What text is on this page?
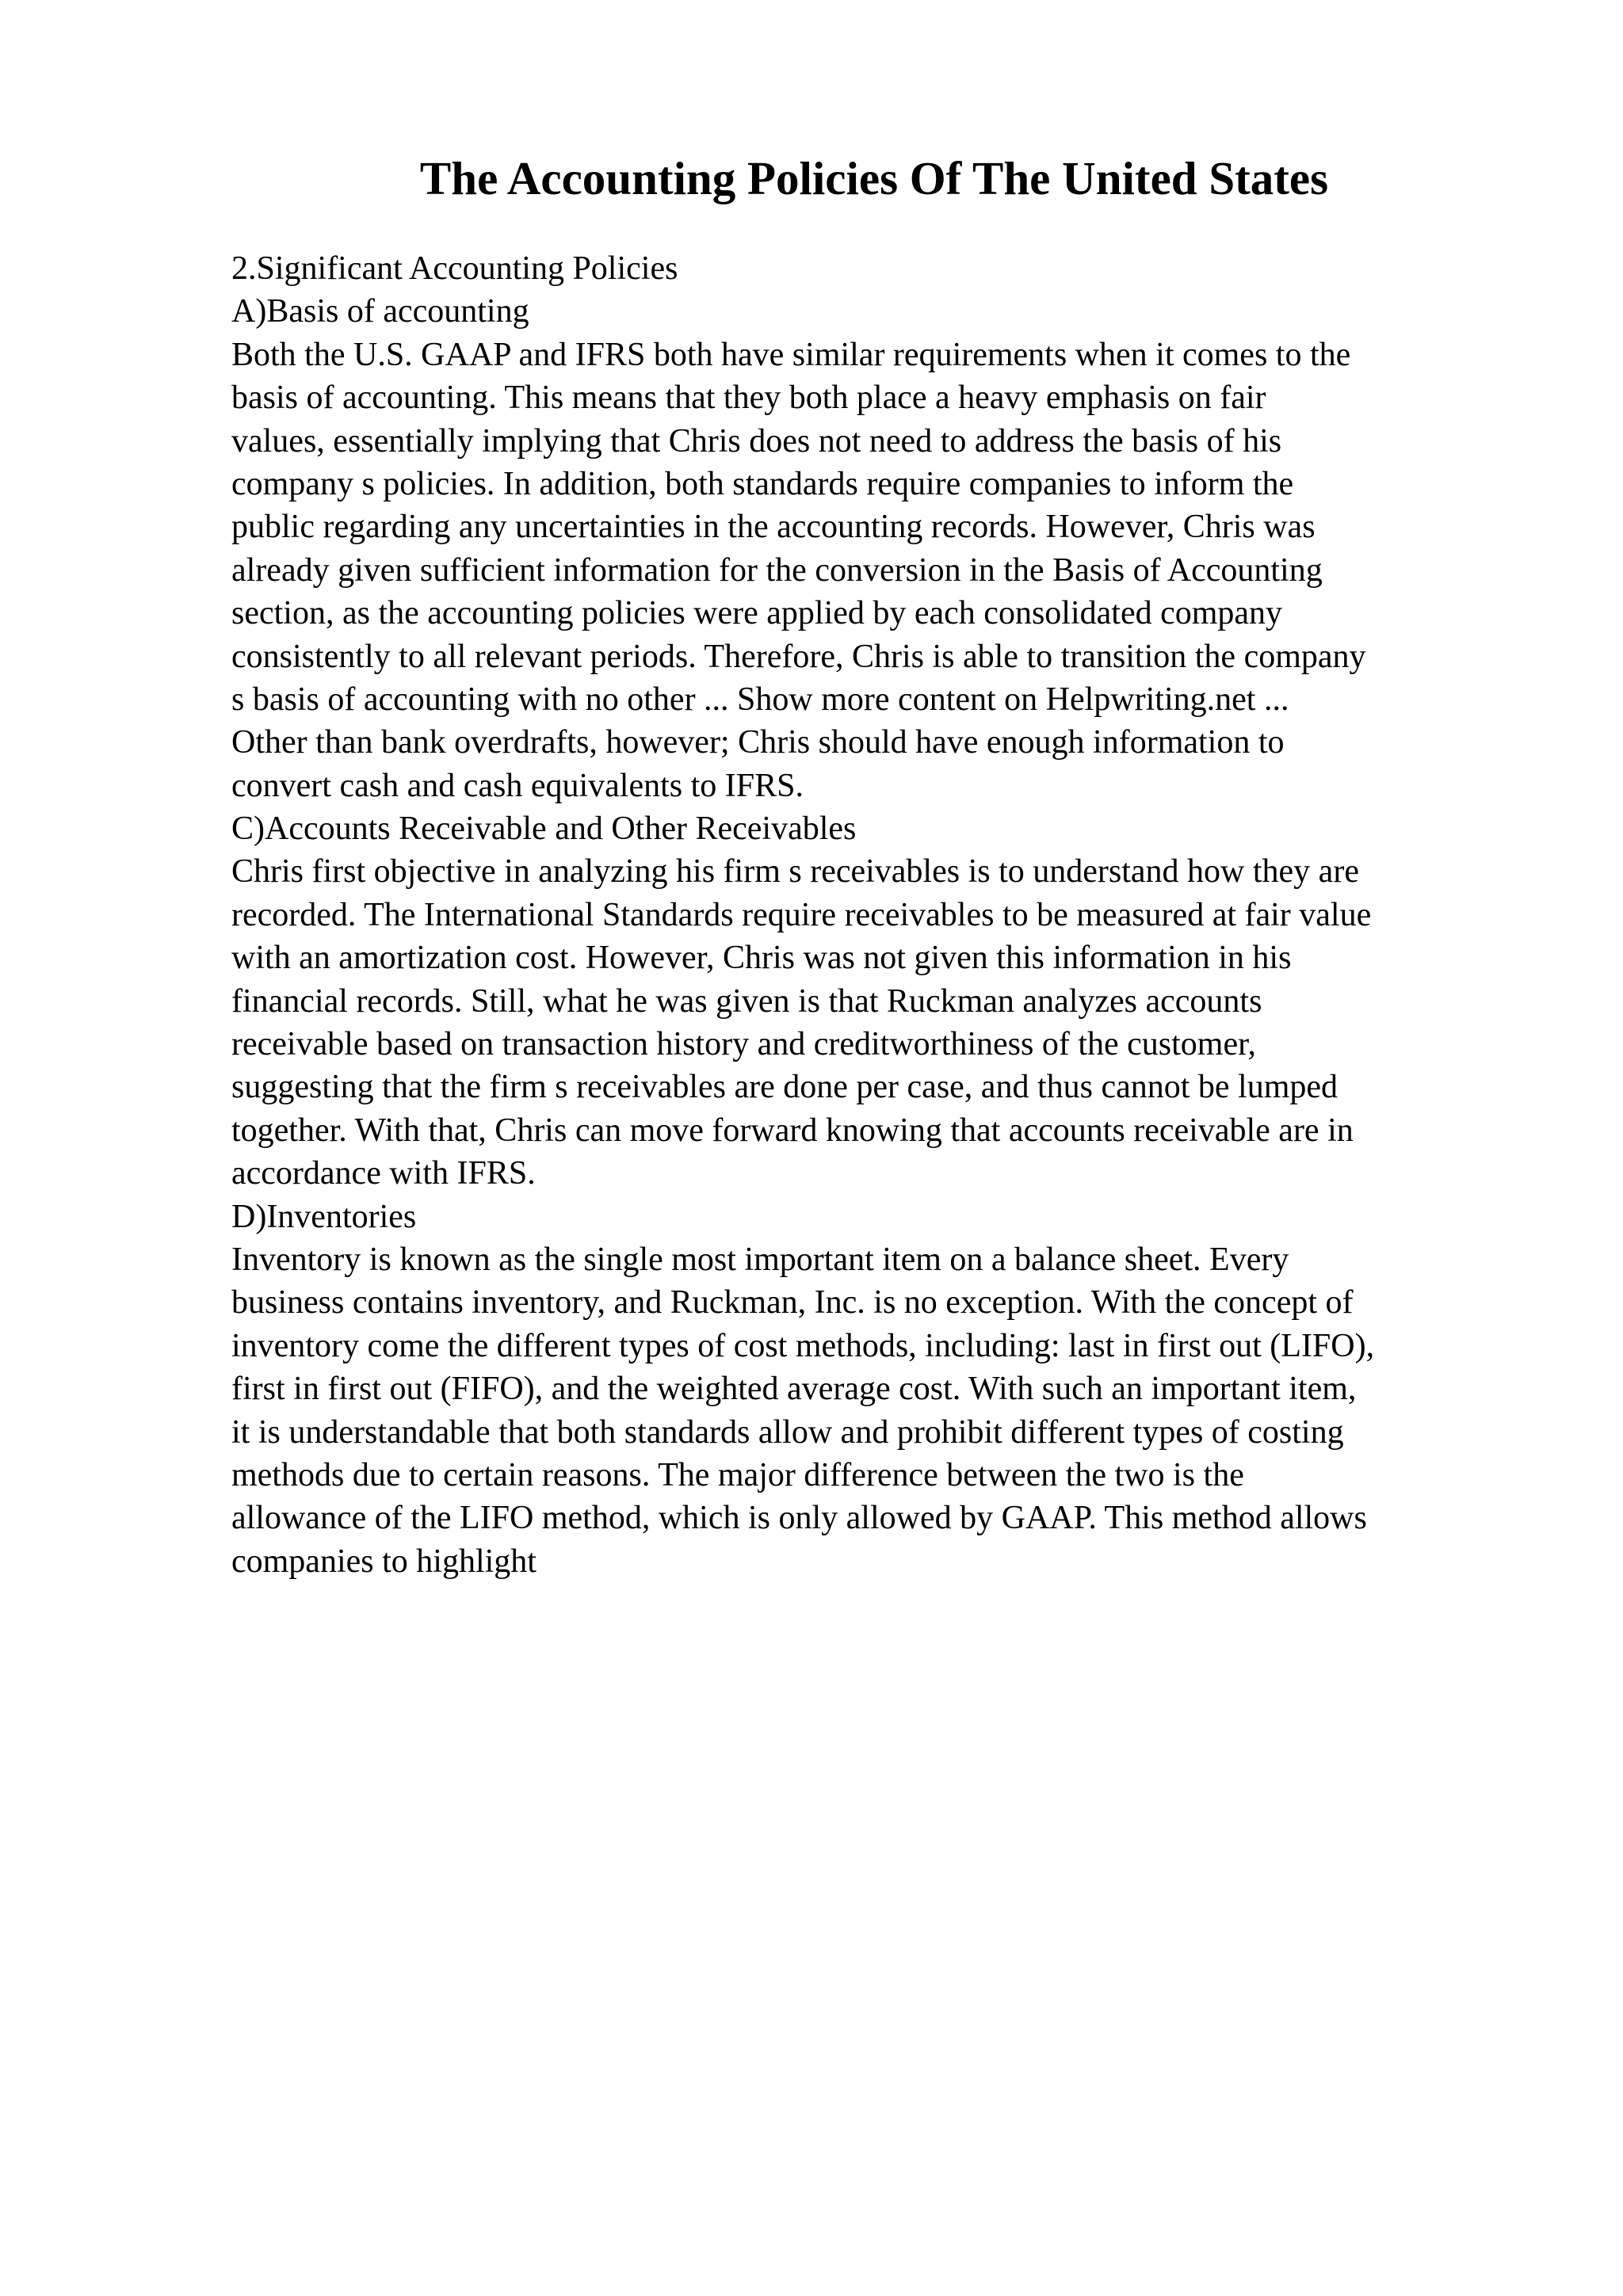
The Accounting Policies Of The United States
2.Significant Accounting Policies
A)Basis of accounting
Both the U.S. GAAP and IFRS both have similar requirements when it comes to the
basis of accounting. This means that they both place a heavy emphasis on fair
values, essentially implying that Chris does not need to address the basis of his
company s policies. In addition, both standards require companies to inform the
public regarding any uncertainties in the accounting records. However, Chris was
already given sufficient information for the conversion in the Basis of Accounting
section, as the accounting policies were applied by each consolidated company
consistently to all relevant periods. Therefore, Chris is able to transition the company
s basis of accounting with no other ... Show more content on Helpwriting.net ...
Other than bank overdrafts, however; Chris should have enough information to
convert cash and cash equivalents to IFRS.
C)Accounts Receivable and Other Receivables
Chris first objective in analyzing his firm s receivables is to understand how they are
recorded. The International Standards require receivables to be measured at fair value
with an amortization cost. However, Chris was not given this information in his
financial records. Still, what he was given is that Ruckman analyzes accounts
receivable based on transaction history and creditworthiness of the customer,
suggesting that the firm s receivables are done per case, and thus cannot be lumped
together. With that, Chris can move forward knowing that accounts receivable are in
accordance with IFRS.
D)Inventories
Inventory is known as the single most important item on a balance sheet. Every
business contains inventory, and Ruckman, Inc. is no exception. With the concept of
inventory come the different types of cost methods, including: last in first out (LIFO),
first in first out (FIFO), and the weighted average cost. With such an important item,
it is understandable that both standards allow and prohibit different types of costing
methods due to certain reasons. The major difference between the two is the
allowance of the LIFO method, which is only allowed by GAAP. This method allows
companies to highlight
